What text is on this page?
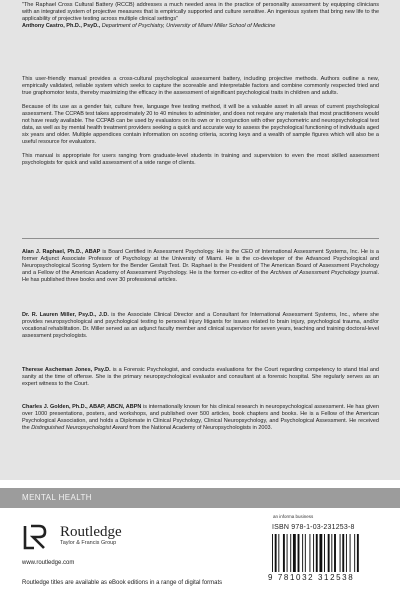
"The Raphael Cross Cultural Battery (RCCB) addresses a much needed area in the practice of personality assessment by equipping clinicians with an integrated system of projective measures that is empirically supported and culture sensitive. An ingenious system that bring new life to the applicability of projective testing across multiple clinical settings"
Anthony Castro, Ph.D., PsyD., Department of Psychiatry, University of Miami Miller School of Medicine

This user-friendly manual provides a cross-cultural psychological assessment battery, including projective methods. Authors outline a new, empirically validated, reliable system which seeks to capture the scoreable and interpretable factors and combine commonly respected tried and true graphomotor tests, thereby maximizing the efficacy in the assessment of significant psychological traits in children and adults.

Because of its use as a gender fair, culture free, language free testing method, it will be a valuable asset in all areas of current psychological assessment. The CCPAB test takes approximately 20 to 40 minutes to administer, and does not require any materials that most practitioners would not have ready available. The CCPAB can be used by evaluators on its own or in conjunction with other psychometric and neuropsychological test data, as well as by mental health treatment providers seeking a quick and accurate way to assess the psychological functioning of individuals aged six years and older. Multiple appendices contain information on scoring criteria, scoring keys and a wealth of sample figures which will also be a useful resource for evaluators.

This manual is appropriate for users ranging from graduate-level students in training and supervision to even the most skilled assessment psychologists for quick and valid assessment of a wide range of clients.

Alan J. Raphael, Ph.D., ABAP is Board Certified in Assessment Psychology. He is the CEO of International Assessment Systems, Inc. He is a former Adjunct Associate Professor of Psychology at the University of Miami. He is the co-developer of the Advanced Psychological and Neuropsychological Scoring System for the Bender Gestalt Test. Dr. Raphael is the President of The American Board of Assessment Psychology and a Fellow of the American Academy of Assessment Psychology. He is the former co-editor of the Archives of Assessment Psychology journal. He has published three books and over 30 professional articles.

Dr. R. Lauren Miller, Psy.D., J.D. is the Associate Clinical Director and a Consultant for International Assessment Systems, Inc., where she provides neuropsychological and psychological testing to personal injury litigants for issues related to brain injury, psychological trauma, and/or vocational rehabilitation. Dr. Miller served as an adjunct faculty member and clinical supervisor for seven years, teaching and training doctoral-level assessment psychologists.

Therese Ascheman Jones, Psy.D. is a Forensic Psychologist, and conducts evaluations for the Court regarding competency to stand trial and sanity at the time of offense. She is the primary neuropsychological evaluator and consultant at a forensic hospital. She regularly serves as an expert witness to the Court.

Charles J. Golden, Ph.D., ABAP, ABCN, ABPN is internationally known for his clinical research in neuropsychological assessment. He has given over 1000 presentations, posters, and workshops, and published over 500 articles, book chapters and books. He is a Fellow of the American Psychological Association, and holds a Diplomate in Clinical Psychology, Clinical Neuropsychology, and Psychological Assessment. He received the Distinguished Neuropsychologist Award from the National Academy of Neuropsychologists in 2003.

MENTAL HEALTH
Routledge
Taylor & Francis Group
www.routledge.com
Routledge titles are available as eBook editions in a range of digital formats
an informa business
ISBN 978-1-03-231253-8
9 781032 312538
